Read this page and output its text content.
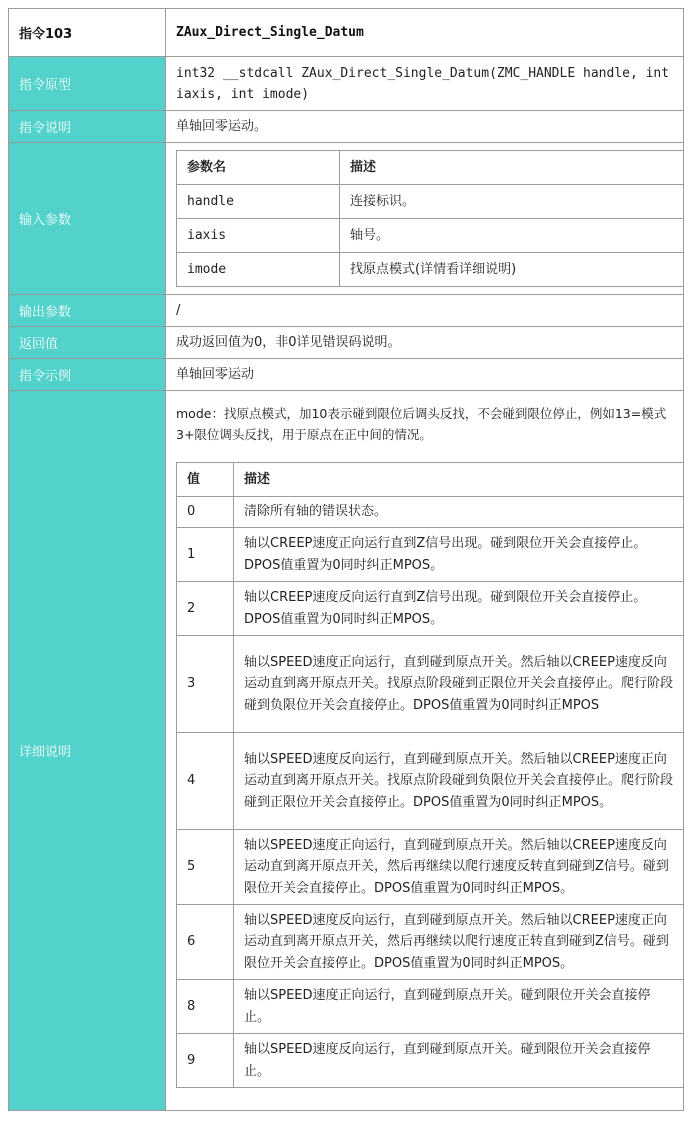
指令103	ZAux_Direct_Single_Datum
指令原型	int32 __stdcall ZAux_Direct_Single_Datum(ZMC_HANDLE handle, int iaxis, int imode)
指令说明	单轴回零运动。
输入参数	
参数名	描述
handle	连接标识。
iaxis	轴号。
imode	找原点模式(详情看详细说明)

输出参数	/
返回值	成功返回值为0，非0详见错误码说明。
指令示例	单轴回零运动
详细说明	

mode：找原点模式，加10表示碰到限位后调头反找，不会碰到限位停止，例如13=模式3+限位调头反找，用于原点在正中间的情况。

值	描述
0	清除所有轴的错误状态。
1	轴以CREEP速度正向运行直到Z信号出现。碰到限位开关会直接停止。DPOS值重置为0同时纠正MPOS。
2	轴以CREEP速度反向运行直到Z信号出现。碰到限位开关会直接停止。DPOS值重置为0同时纠正MPOS。
3	轴以SPEED速度正向运行，直到碰到原点开关。然后轴以CREEP速度反向运动直到离开原点开关。找原点阶段碰到正限位开关会直接停止。爬行阶段碰到负限位开关会直接停止。DPOS值重置为0同时纠正MPOS
4	轴以SPEED速度反向运行，直到碰到原点开关。然后轴以CREEP速度正向运动直到离开原点开关。找原点阶段碰到负限位开关会直接停止。爬行阶段碰到正限位开关会直接停止。DPOS值重置为0同时纠正MPOS。
5	轴以SPEED速度正向运行，直到碰到原点开关。然后轴以CREEP速度反向运动直到离开原点开关，然后再继续以爬行速度反转直到碰到Z信号。碰到限位开关会直接停止。DPOS值重置为0同时纠正MPOS。
6	轴以SPEED速度反向运行，直到碰到原点开关。然后轴以CREEP速度正向运动直到离开原点开关，然后再继续以爬行速度正转直到碰到Z信号。碰到限位开关会直接停止。DPOS值重置为0同时纠正MPOS。
8	轴以SPEED速度正向运行，直到碰到原点开关。碰到限位开关会直接停止。
9	轴以SPEED速度反向运行，直到碰到原点开关。碰到限位开关会直接停止。
